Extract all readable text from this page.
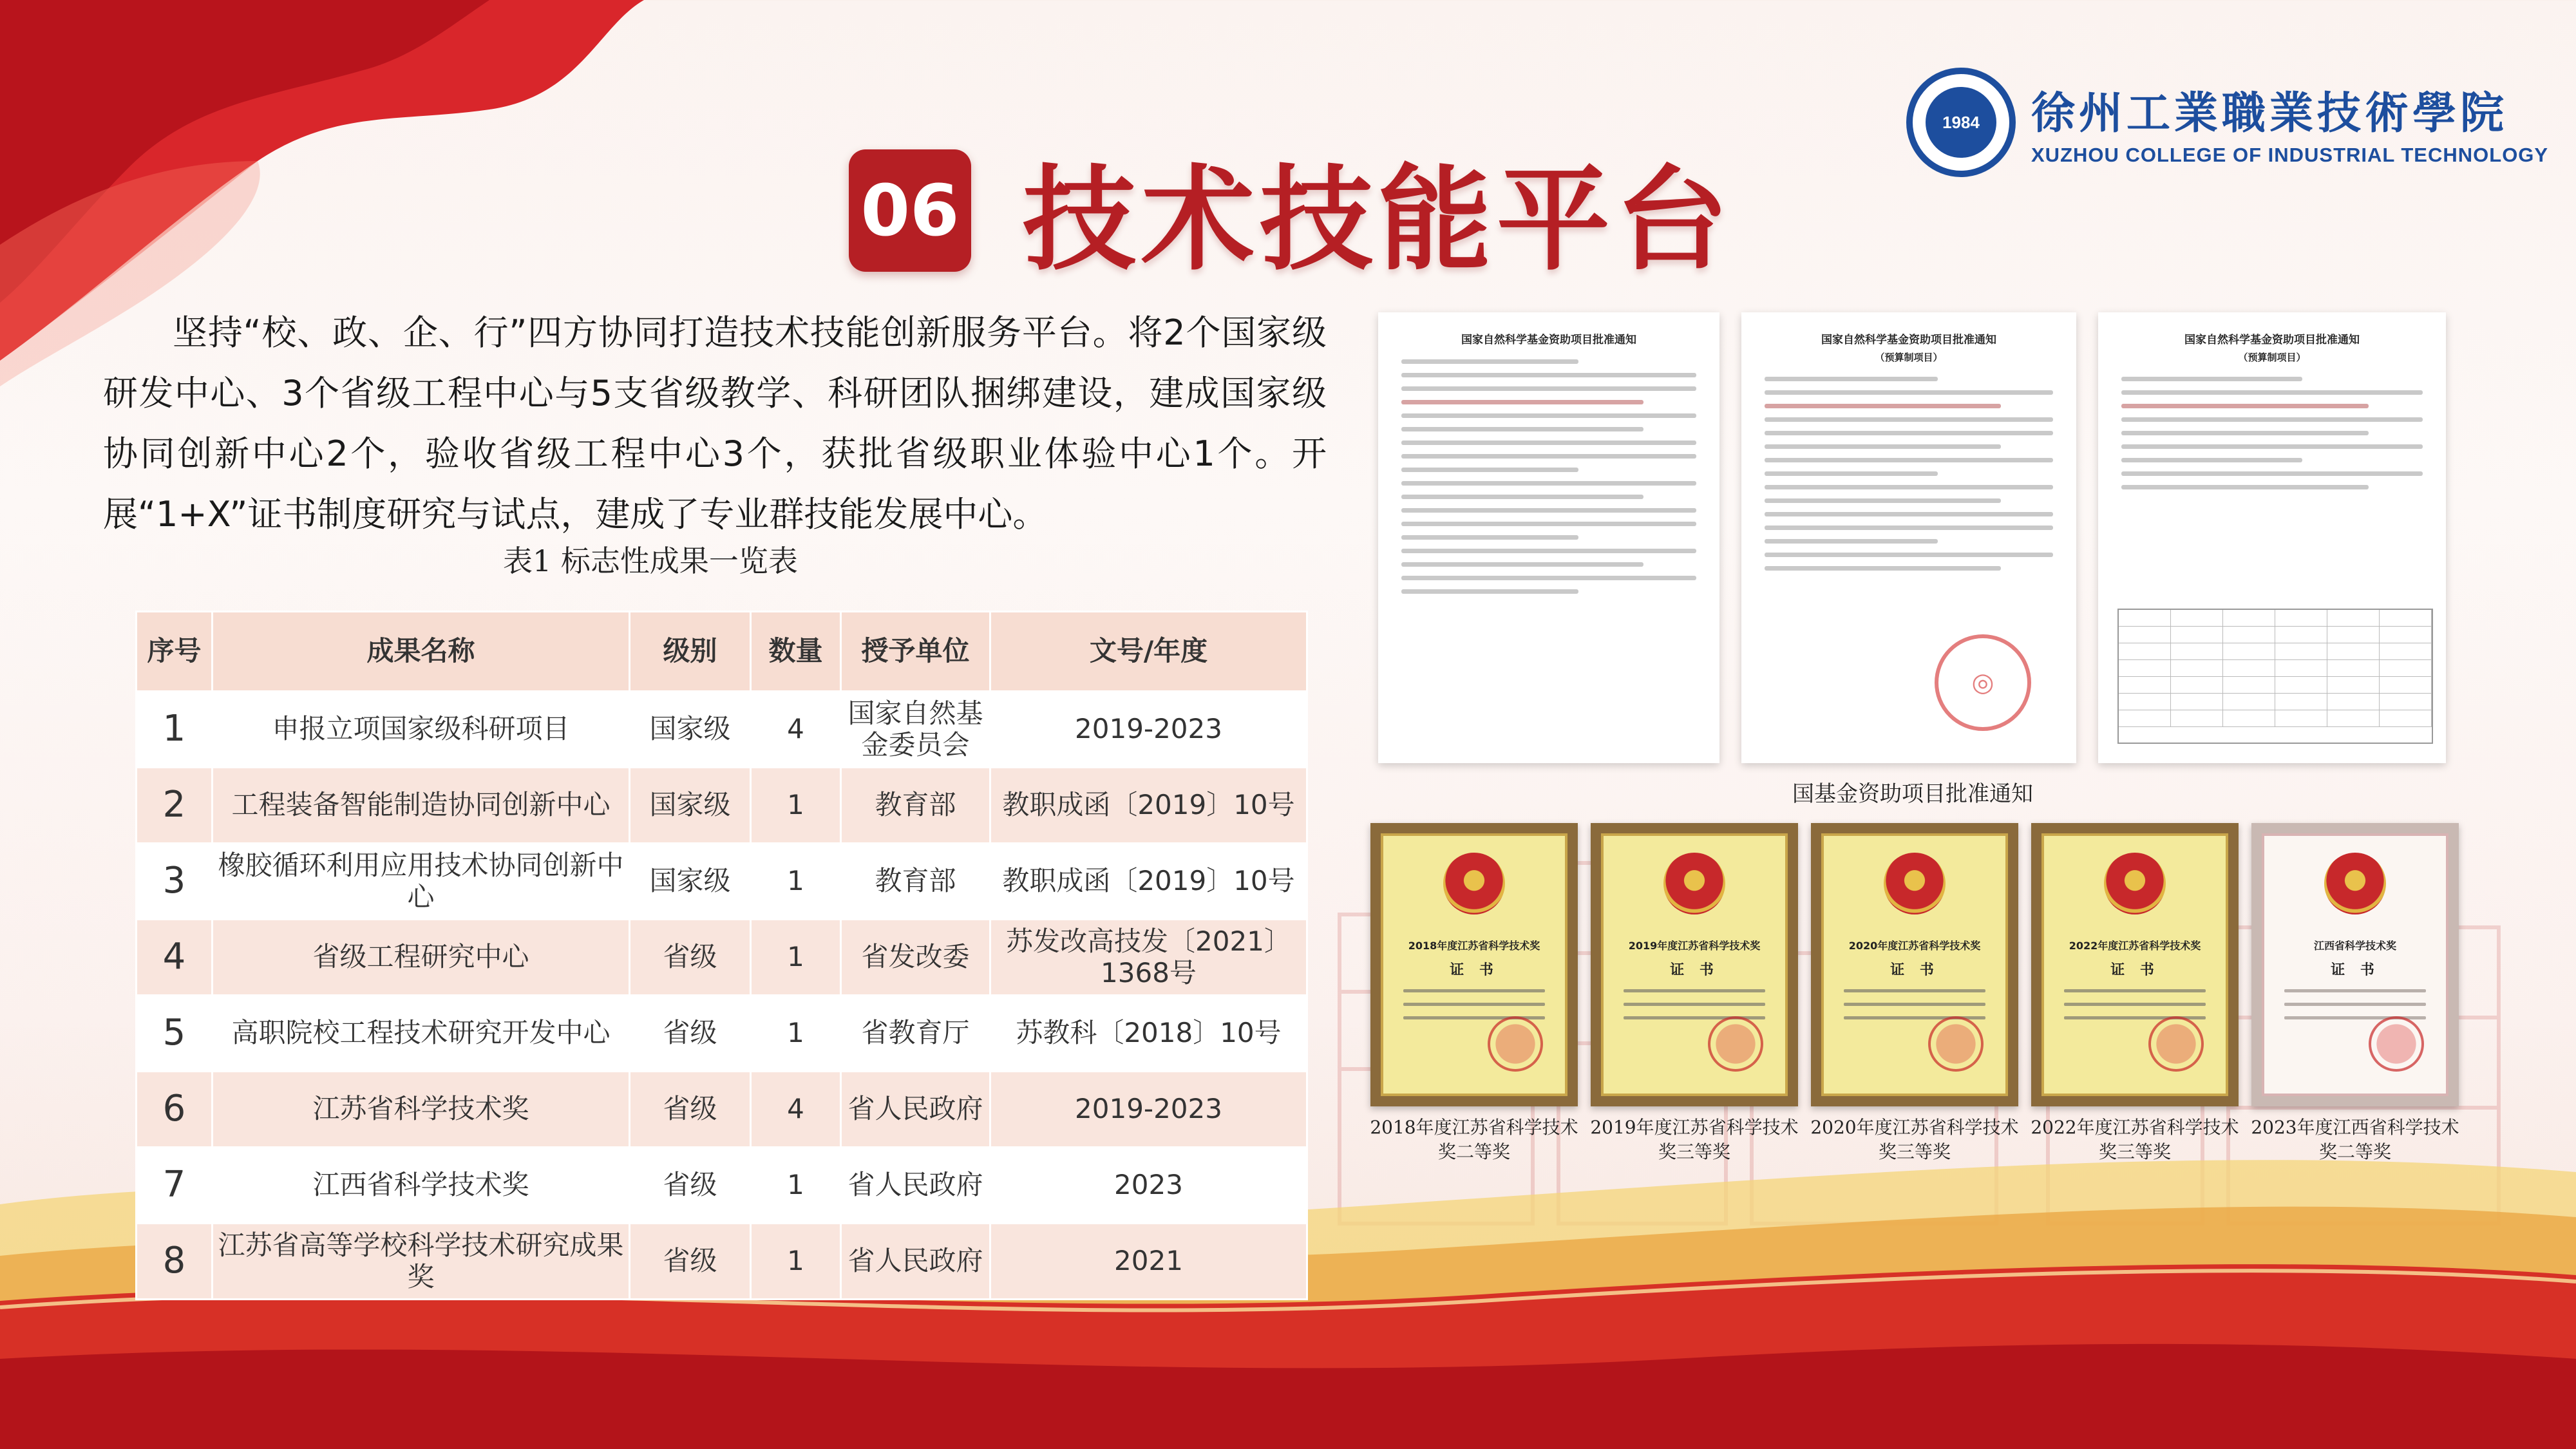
1984	徐州工業職業技術學院
XUZHOU COLLEGE OF INDUSTRIAL TECHNOLOGY
06 技术技能平台

坚持“校、政、企、行”四方协同打造技术技能创新服务平台。将2个国家级研发中心、3个省级工程中心与5支省级教学、科研团队捆绑建设，建成国家级协同创新中心2个，验收省级工程中心3个，获批省级职业体验中心1个。开展“1+X”证书制度研究与试点，建成了专业群技能发展中心。

表1 标志性成果一览表
序号	成果名称	级别	数量	授予单位	文号/年度
1	申报立项国家级科研项目	国家级	4	国家自然基金委员会	2019-2023
2	工程装备智能制造协同创新中心	国家级	1	教育部	教职成函〔2019〕10号
3	橡胶循环利用应用技术协同创新中心	国家级	1	教育部	教职成函〔2019〕10号
4	省级工程研究中心	省级	1	省发改委	苏发改高技发〔2021〕1368号
5	高职院校工程技术研究开发中心	省级	1	省教育厅	苏教科〔2018〕10号
6	江苏省科学技术奖	省级	4	省人民政府	2019-2023
7	江西省科学技术奖	省级	1	省人民政府	2023
8	江苏省高等学校科学技术研究成果奖	省级	1	省人民政府	2021
国家自然科学基金资助项目批准通知	国家自然科学基金资助项目批准通知
（预算制项目）
◎
国家自然科学基金资助项目批准通知
（预算制项目）
国基金资助项目批准通知
2018年度江苏省科学技术奖
证 书
2018年度江苏省科学技术奖二等奖
2019年度江苏省科学技术奖
证 书
2019年度江苏省科学技术奖三等奖
2020年度江苏省科学技术奖
证 书
2020年度江苏省科学技术奖三等奖
2022年度江苏省科学技术奖
证 书
2022年度江苏省科学技术奖三等奖
江西省科学技术奖
证 书
2023年度江西省科学技术奖二等奖
